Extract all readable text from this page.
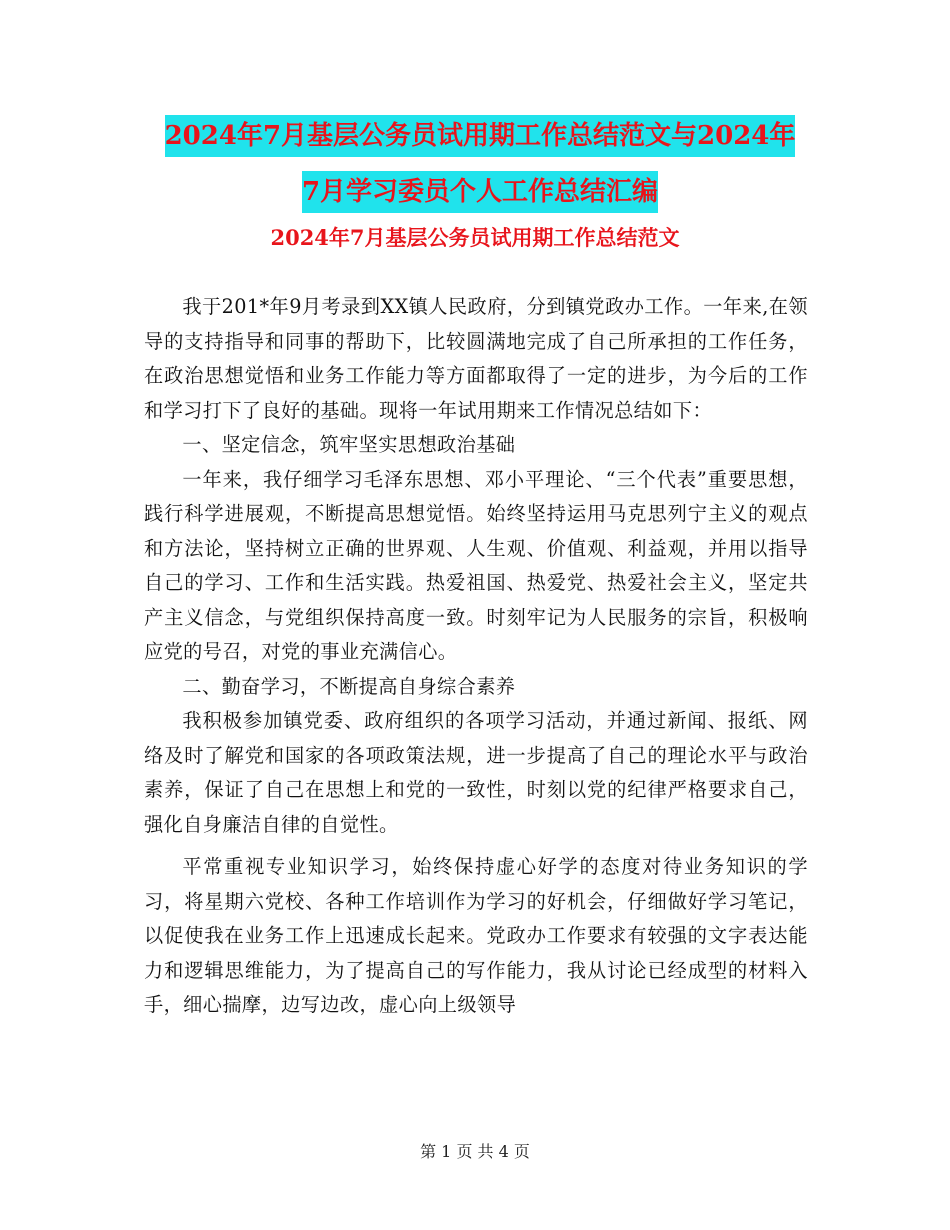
2024年7月基层公务员试用期工作总结范文与2024年
7月学习委员个人工作总结汇编
2024年7月基层公务员试用期工作总结范文

我于201*年9月考录到XX镇人民政府，分到镇党政办工作。一年来,在领导的支持指导和同事的帮助下，比较圆满地完成了自己所承担的工作任务，在政治思想觉悟和业务工作能力等方面都取得了一定的进步，为今后的工作和学习打下了良好的基础。现将一年试用期来工作情况总结如下：

一、坚定信念，筑牢坚实思想政治基础

一年来，我仔细学习毛泽东思想、邓小平理论、“三个代表”重要思想，践行科学进展观，不断提高思想觉悟。始终坚持运用马克思列宁主义的观点和方法论，坚持树立正确的世界观、人生观、价值观、利益观，并用以指导自己的学习、工作和生活实践。热爱祖国、热爱党、热爱社会主义，坚定共产主义信念，与党组织保持高度一致。时刻牢记为人民服务的宗旨，积极响应党的号召，对党的事业充满信心。

二、勤奋学习，不断提高自身综合素养

我积极参加镇党委、政府组织的各项学习活动，并通过新闻、报纸、网络及时了解党和国家的各项政策法规，进一步提高了自己的理论水平与政治素养，保证了自己在思想上和党的一致性，时刻以党的纪律严格要求自己，强化自身廉洁自律的自觉性。

平常重视专业知识学习，始终保持虚心好学的态度对待业务知识的学习，将星期六党校、各种工作培训作为学习的好机会，仔细做好学习笔记，以促使我在业务工作上迅速成长起来。党政办工作要求有较强的文字表达能力和逻辑思维能力，为了提高自己的写作能力，我从讨论已经成型的材料入手，细心揣摩，边写边改，虚心向上级领导

第 1 页 共 4 页
